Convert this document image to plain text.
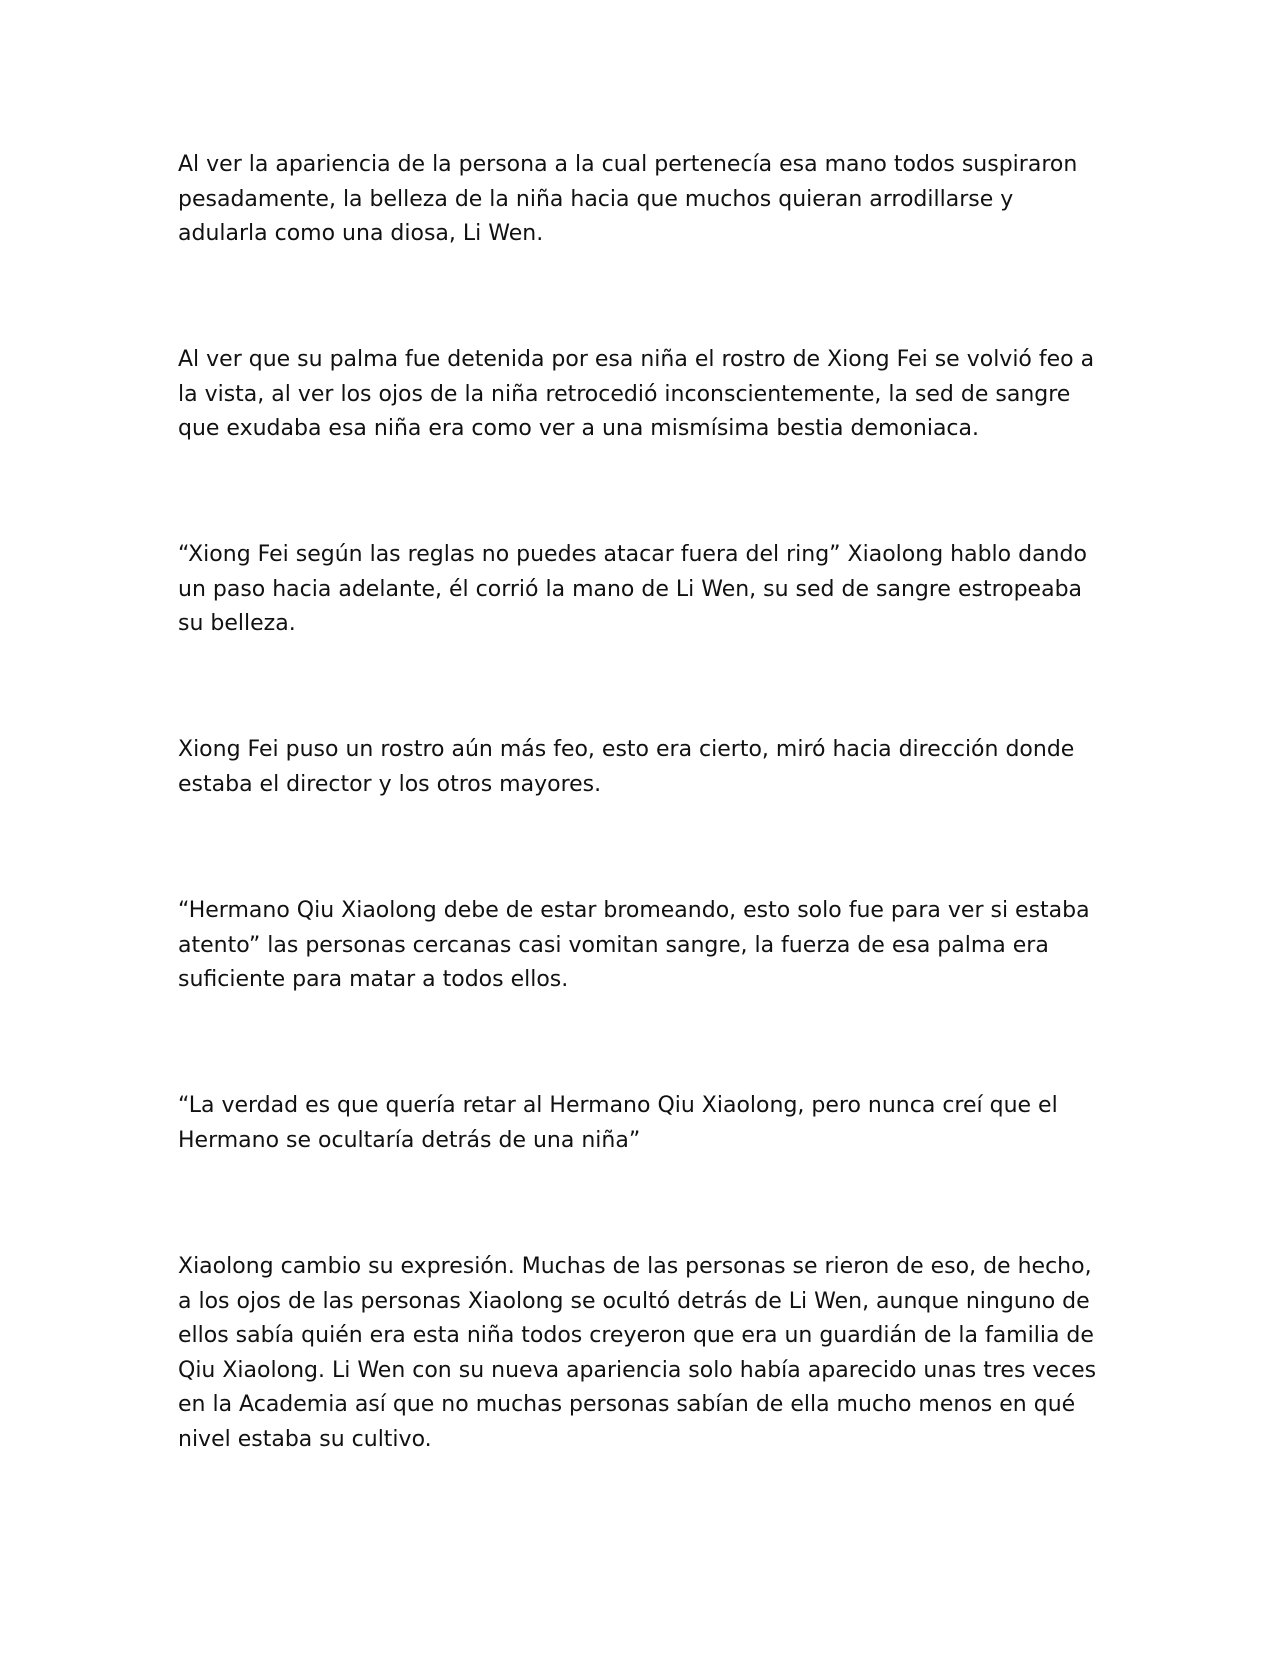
Al ver la apariencia de la persona a la cual pertenecía esa mano todos suspiraron pesadamente, la belleza de la niña hacia que muchos quieran arrodillarse y adularla como una diosa, Li Wen.

Al ver que su palma fue detenida por esa niña el rostro de Xiong Fei se volvió feo a la vista, al ver los ojos de la niña retrocedió inconscientemente, la sed de sangre que exudaba esa niña era como ver a una mismísima bestia demoniaca.

“Xiong Fei según las reglas no puedes atacar fuera del ring” Xiaolong hablo dando un paso hacia adelante, él corrió la mano de Li Wen, su sed de sangre estropeaba su belleza.

Xiong Fei puso un rostro aún más feo, esto era cierto, miró hacia dirección donde estaba el director y los otros mayores.

“Hermano Qiu Xiaolong debe de estar bromeando, esto solo fue para ver si estaba atento” las personas cercanas casi vomitan sangre, la fuerza de esa palma era suficiente para matar a todos ellos.

“La verdad es que quería retar al Hermano Qiu Xiaolong, pero nunca creí que el Hermano se ocultaría detrás de una niña”

Xiaolong cambio su expresión. Muchas de las personas se rieron de eso, de hecho, a los ojos de las personas Xiaolong se ocultó detrás de Li Wen, aunque ninguno de ellos sabía quién era esta niña todos creyeron que era un guardián de la familia de Qiu Xiaolong. Li Wen con su nueva apariencia solo había aparecido unas tres veces en la Academia así que no muchas personas sabían de ella mucho menos en qué nivel estaba su cultivo.
